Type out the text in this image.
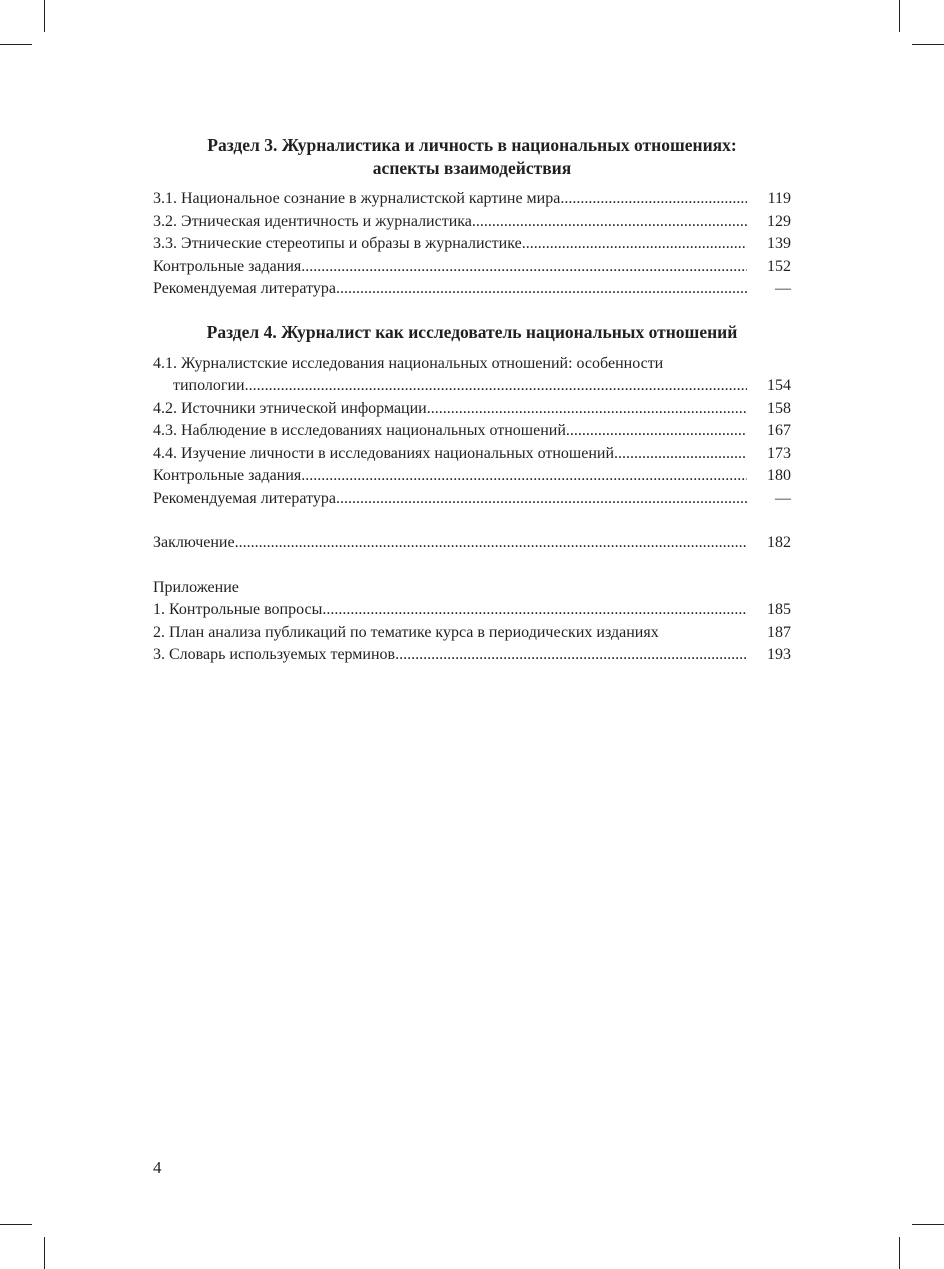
Раздел 3. Журналистика и личность в национальных отношениях:
аспекты взаимодействия
3.1. Национальное сознание в журналистской картине мира .....	119
3.2. Этническая идентичность и журналистика .....	129
3.3. Этнические стереотипы и образы в журналистике .....	139
Контрольные задания .....	152
Рекомендуемая литература .....	—
Раздел 4. Журналист как исследователь национальных отношений
4.1. Журналистские исследования национальных отношений: особенности
типологии .....	154
4.2. Источники этнической информации .....	158
4.3. Наблюдение в исследованиях национальных отношений .....	167
4.4. Изучение личности в исследованиях национальных отношений .....	173
Контрольные задания .....	180
Рекомендуемая литература .....	—
Заключение .....	182

Приложение

1. Контрольные вопросы .....	185
2. План анализа публикаций по тематике курса в периодических изданиях	187
3. Словарь используемых терминов .....	193

4
